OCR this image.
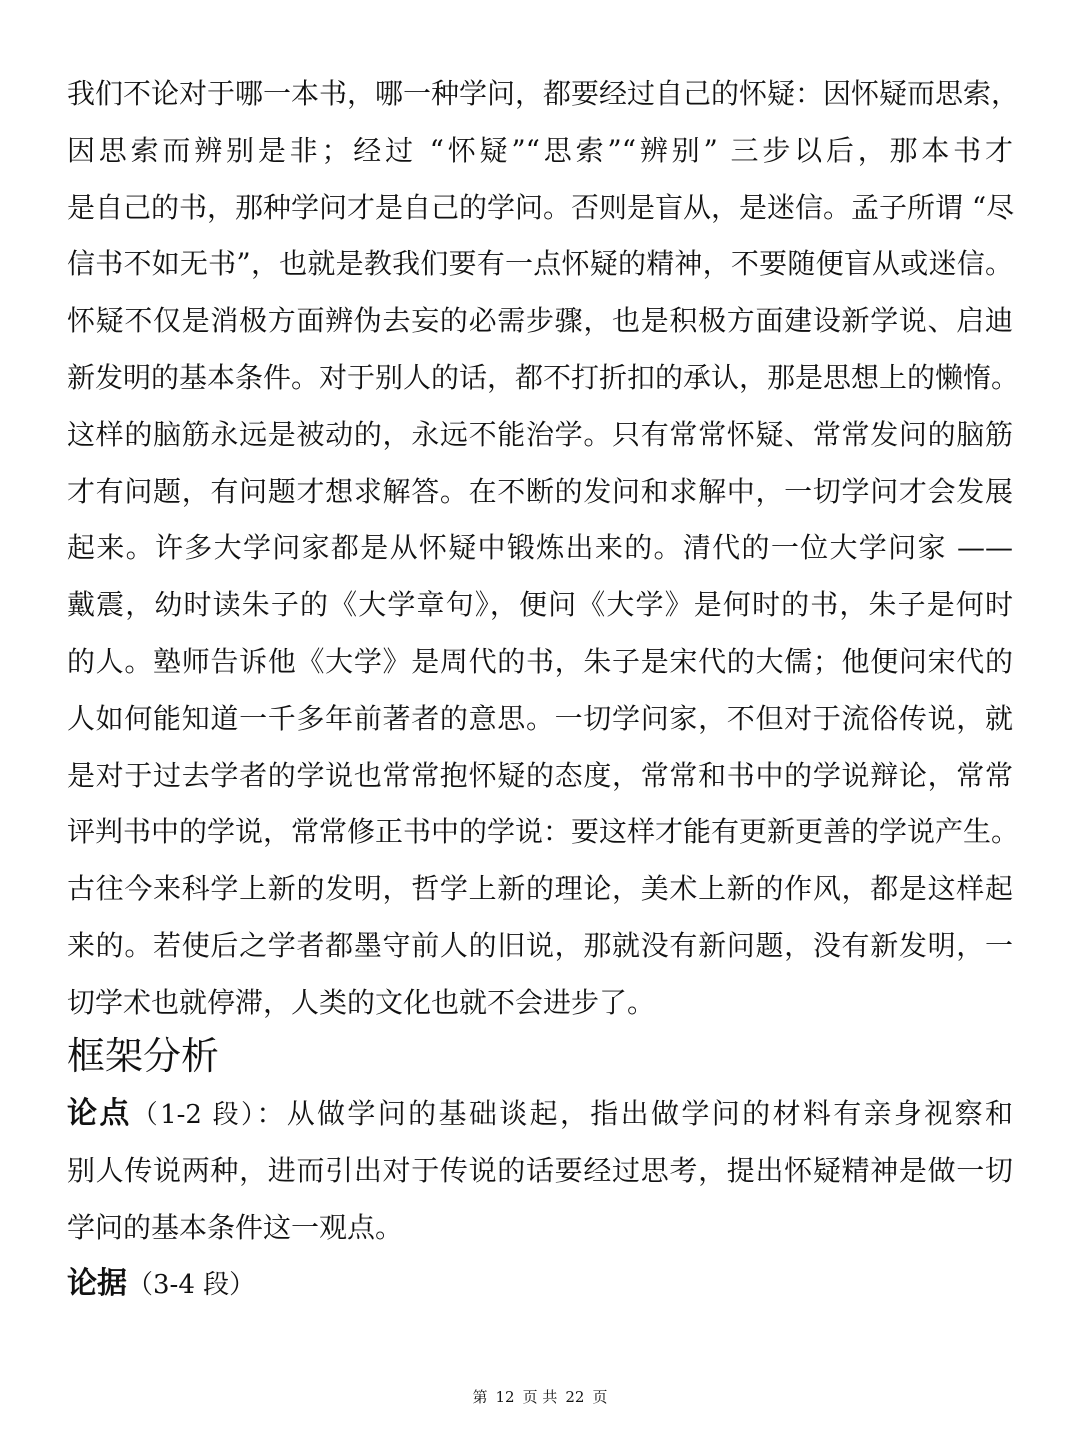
我们不论对于哪一本书，哪一种学问，都要经过自己的怀疑：因怀疑而思索，
因思索而辨别是非；经过 “怀疑”“思索”“辨别” 三步以后，那本书才
是自己的书，那种学问才是自己的学问。否则是盲从，是迷信。孟子所谓 “尽
信书不如无书”，也就是教我们要有一点怀疑的精神，不要随便盲从或迷信。
怀疑不仅是消极方面辨伪去妄的必需步骤，也是积极方面建设新学说、启迪
新发明的基本条件。对于别人的话，都不打折扣的承认，那是思想上的懒惰。
这样的脑筋永远是被动的，永远不能治学。只有常常怀疑、常常发问的脑筋
才有问题，有问题才想求解答。在不断的发问和求解中，一切学问才会发展
起来。许多大学问家都是从怀疑中锻炼出来的。清代的一位大学问家 ——
戴震，幼时读朱子的《大学章句》，便问《大学》是何时的书，朱子是何时
的人。塾师告诉他《大学》是周代的书，朱子是宋代的大儒；他便问宋代的
人如何能知道一千多年前著者的意思。一切学问家，不但对于流俗传说，就
是对于过去学者的学说也常常抱怀疑的态度，常常和书中的学说辩论，常常
评判书中的学说，常常修正书中的学说：要这样才能有更新更善的学说产生。
古往今来科学上新的发明，哲学上新的理论，美术上新的作风，都是这样起
来的。若使后之学者都墨守前人的旧说，那就没有新问题，没有新发明，一
切学术也就停滞，人类的文化也就不会进步了。
框架分析
论点（1-2 段）：从做学问的基础谈起，指出做学问的材料有亲身视察和
别人传说两种，进而引出对于传说的话要经过思考，提出怀疑精神是做一切
学问的基本条件这一观点。
论据（3-4 段）
第 12 页 共 22 页
